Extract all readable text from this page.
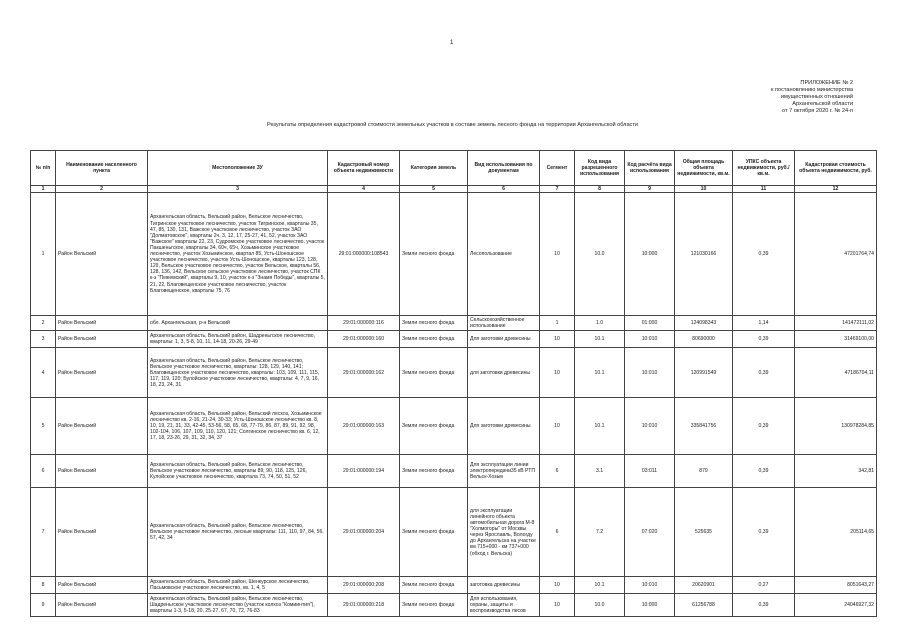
1
ПРИЛОЖЕНИЕ № 2
к постановлению министерства
имущественных отношений
Архангельской области
от 7 октября 2020 г. № 24-п
Результаты определения кадастровой стоимости земельных участков в составе земель лесного фонда на территории Архангельской области
№ п/п	Наименование населенного пункта	Местоположение ЗУ	Кадастровый номер объекта недвижимости	Категория земель	Вид использования по документам	Сегмент	Код вида разрешенного использования	Код расчёта вида использования	Общая площадь объекта недвижимости, кв.м.	УПКС объекта недвижимости, руб./кв.м.	Кадастровая стоимость объекта недвижимости, руб.
1	2	3	4	5	6	7	8	9	10	11	12
1	Район Вельский	Архангельская область, Вельский район, Вельское лесничество, Тигринское участковое лесничество, участок Тигринское, кварталы 35, 47, 85, 130, 131, Важское участковое лесничество, участок ЗАО "Долматовское", кварталы 2ч, 3, 12, 17, 25-27, 41, 52, участок ЗАО "Важское" кварталы 22, 23, Судромское участковое лесничество, участок Пакшеньгское, кварталы 34, 60ч, 65ч, Хозьминское участковое лесничество, участок Хозьминское, квартал 85, Усть-Шоношское участковое лесничество, участок Усть-Шоношское, кварталы 123, 128, 129, Вельское участковое лесничество, участок Вельское, кварталы 56, 128, 136, 142, Вельское сельское участковое лесничество, участок СПК к-з "Пежемский", кварталы 9, 10, участок к-з "Знамя Победы", кварталы 5, 21, 22, Благовещенское участковое лесничество, участок Благовещенское, кварталы 75, 76	29:01:000000:108543	Земли лесного фонда	Лесопользование	10	10.0	10:000	121030166	0,39	47201764,74
2	Район Вельский	обл. Архангельская, р-н Вельский	29:01:000000:116	Земли лесного фонда	Сельскохозяйственное использование	1	1.0	01:000	124098343	1,14	141472111,02
3	Район Вельский	Архангельская область, Вельский район, Шадреньгское лесничество, кварталы: 1, 3, 5-8, 10, 11, 14-18, 20-26, 29-49	29:01:000000:160	Земли лесного фонда	Для заготовки древесины	10	10.1	10:010	80690000	0,39	31469100,00
4	Район Вельский	Архангельская область, Вельский район, Вельское лесничество, Вельское участковое лесничество, кварталы: 128, 129, 140, 141; Благовещенское участковое лесничество, кварталы: 103, 109, 111, 115, 117, 119, 120; Булойское участковое лесничество, кварталы: 4, 7, 9, 16, 18, 23, 24, 31	29:01:000000:162	Земли лесного фонда	для заготовки древесины	10	10.1	10:010	120991549	0,39	47186704,11
5	Район Вельский	Архангельская область, Вельский район, Вельский лесхоз, Хозьминское лесничество кв. 2-16, 21-24, 30-33; Усть-Шоношское лесничество кв. 8, 10, 19, 21, 31, 33, 42-45, 53-56, 58, 65, 68, 77-79, 86, 87, 89, 91, 92, 98, 102-104, 106, 107, 109, 110, 120, 121; Солгинское лесничество кв. 6, 12, 17, 18, 23-26, 29, 31, 32, 34, 37	29:01:000000:163	Земли лесного фонда	Для заготовки древесины	10	10.1	10:010	335841756	0,39	130978284,85
6	Район Вельский	Архангельская область, Вельский район, Вельское лесничество, Вельское участковое лесничество, кварталы 89, 90, 118, 125, 126, Кулойское участковое лесничество, квартала 73, 74, 50, 51, 52	29:01:000000:194	Земли лесного фонда	Для эксплуатации линии электропередачи35 кВ РТП Вельск-Хозьм	6	3.1	03:011	879	0,39	342,81
7	Район Вельский	Архангельская область, Вельский район, Вельское лесничество, Вельское участковое лесничество, лесные кварталы: 111, 110, 97, 84, 56, 57, 42, 34	29:01:000000:204	Земли лесного фонда	для эксплуатации линейного объекта автомобильная дорога М-8 "Холмогоры" от Москвы через Ярославль, Вологду до Архангельска на участке км 715+000 - км 737+000 (обход г. Вельска)	6	7.2	07:020	525635	0,39	205114,65
8	Район Вельский	Архангельская область, Вельский район, Шенкурское лесничество, Пасьмовское участковое лесничество, кв. 1, 4, 5	29:01:000000:208	Земли лесного фонда	заготовка древесины	10	10.1	10:010	20620901	0,27	8051643,27
9	Район Вельский	Архангельская область, Вельский район, Вельское лесничество, Шадреньгское участковое лесничество (участок колхоз "Комиинтия"), кварталы 1-3, 5-18, 20, 25-27, 67, 70, 72, 76-83	29:01:000000:218	Земли лесного фонда	Для использования, охраны, защиты и воспроизводства лесов	10	10.0	10:000	61256788	0,39	24046927,32
